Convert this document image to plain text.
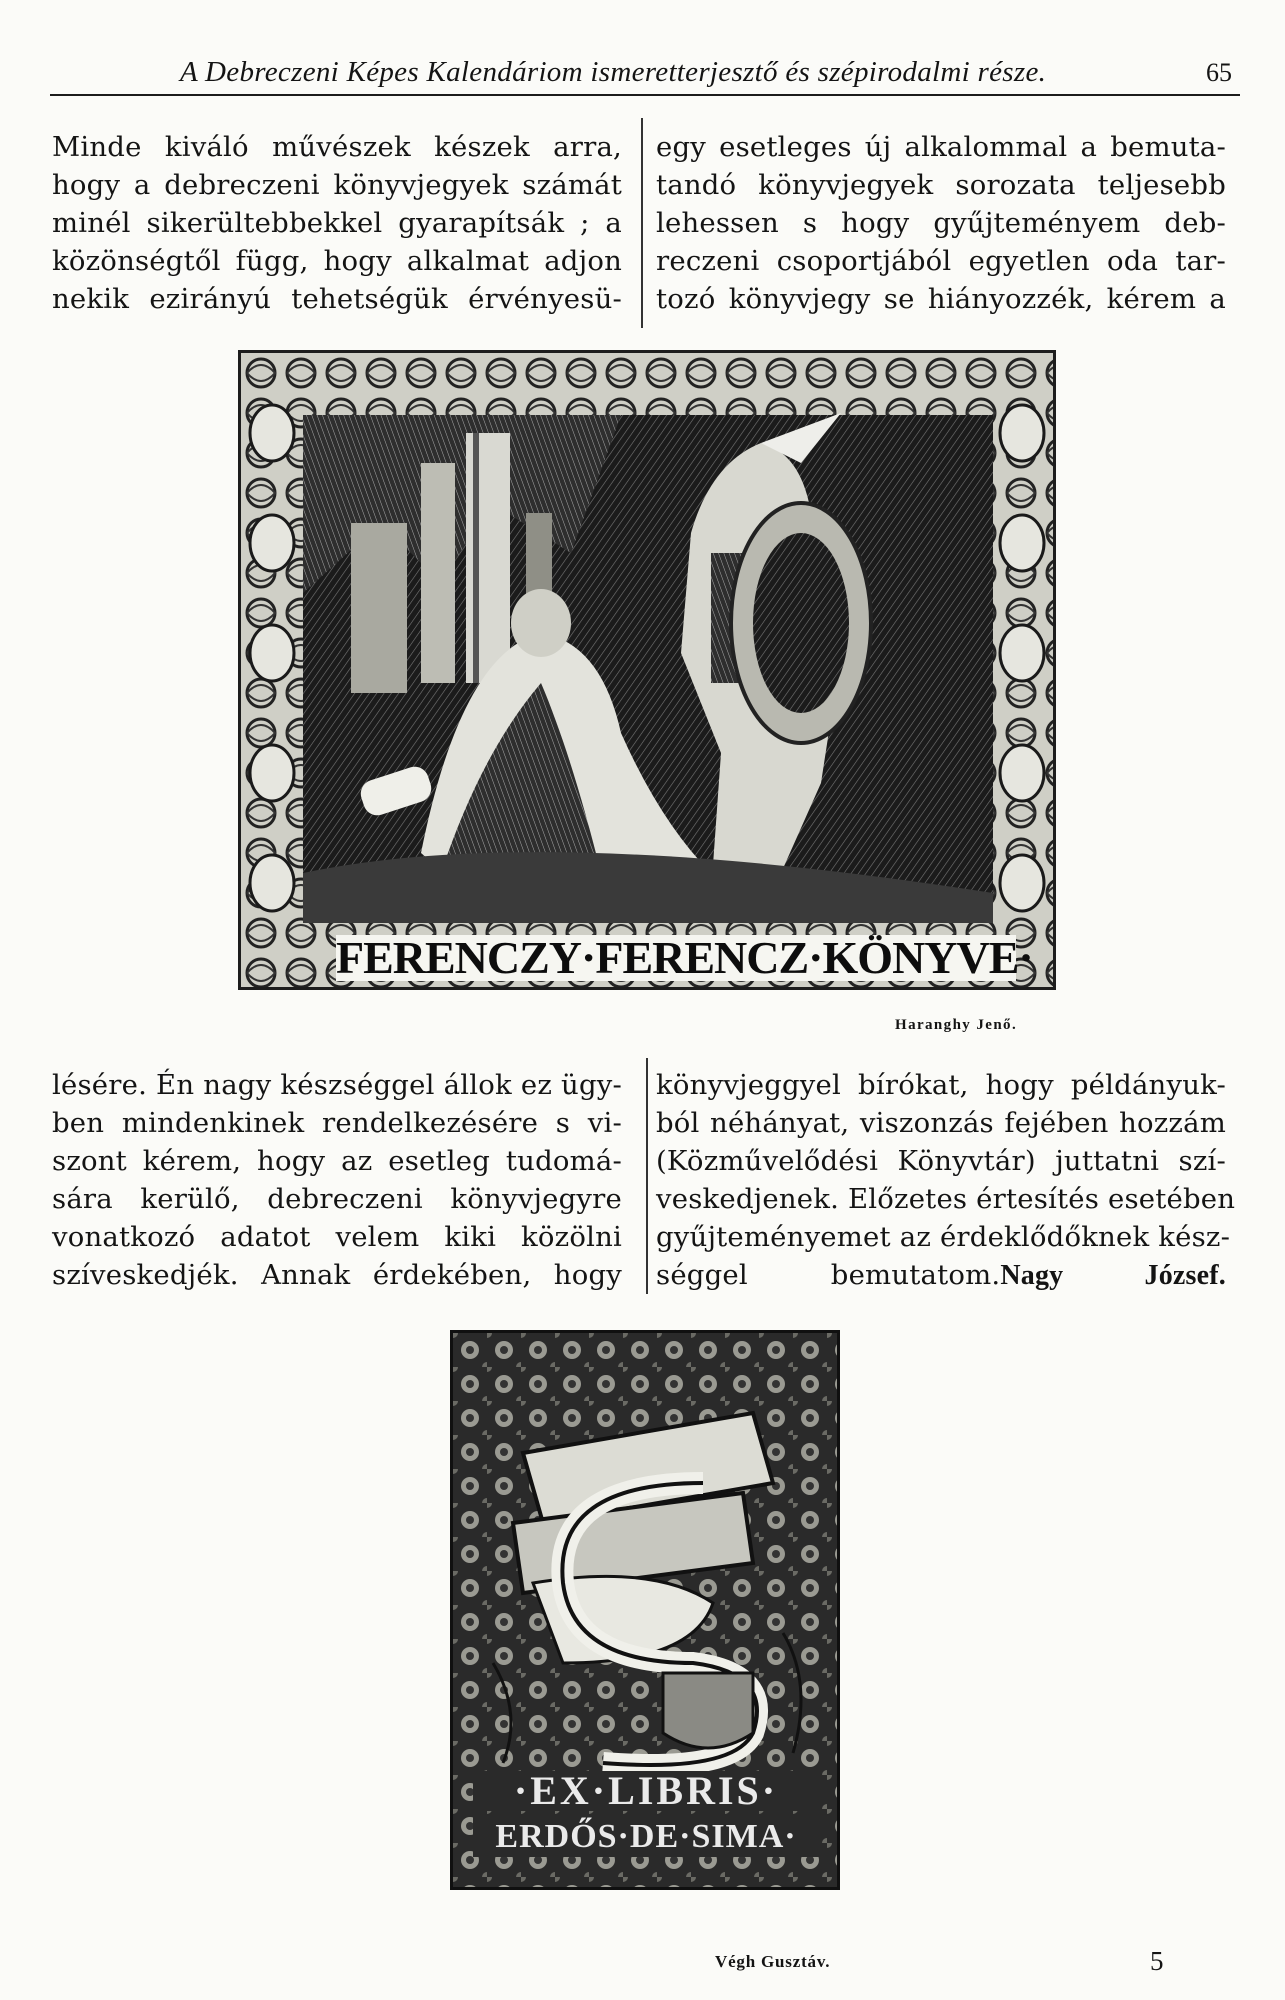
A Debreczeni Képes Kalendáriom ismeretterjesztő és szépirodalmi része.	65
Minde kiváló művészek készek arra,
hogy a debreczeni könyvjegyek számát
minél sikerültebbekkel gyarapítsák ; a
közönségtől függ, hogy alkalmat adjon
nekik ezirányú tehetségük érvényesü-
egy esetleges új alkalommal a bemuta-
tandó könyvjegyek sorozata teljesebb
lehessen s hogy gyűjteményem deb-
reczeni csoportjából egyetlen oda tar-
tozó könyvjegy se hiányozzék, kérem a
FERENCZY·FERENCZ·KÖNYVE·
Haranghy Jenő.
lésére. Én nagy készséggel állok ez ügy-
ben mindenkinek rendelkezésére s vi-
szont kérem, hogy az esetleg tudomá-
sára kerülő, debreczeni könyvjegyre
vonatkozó adatot velem kiki közölni
szíveskedjék. Annak érdekében, hogy
könyvjeggyel bírókat, hogy példányuk-
ból néhányat, viszonzás fejében hozzám
(Közművelődési Könyvtár) juttatni szí-
veskedjenek. Előzetes értesítés esetében
gyűjteményemet az érdeklődőknek kész-
séggel bemutatom.Nagy József.
·EX·LIBRIS·
ERDŐS·DE·SIMA·
Végh Gusztáv.	5
